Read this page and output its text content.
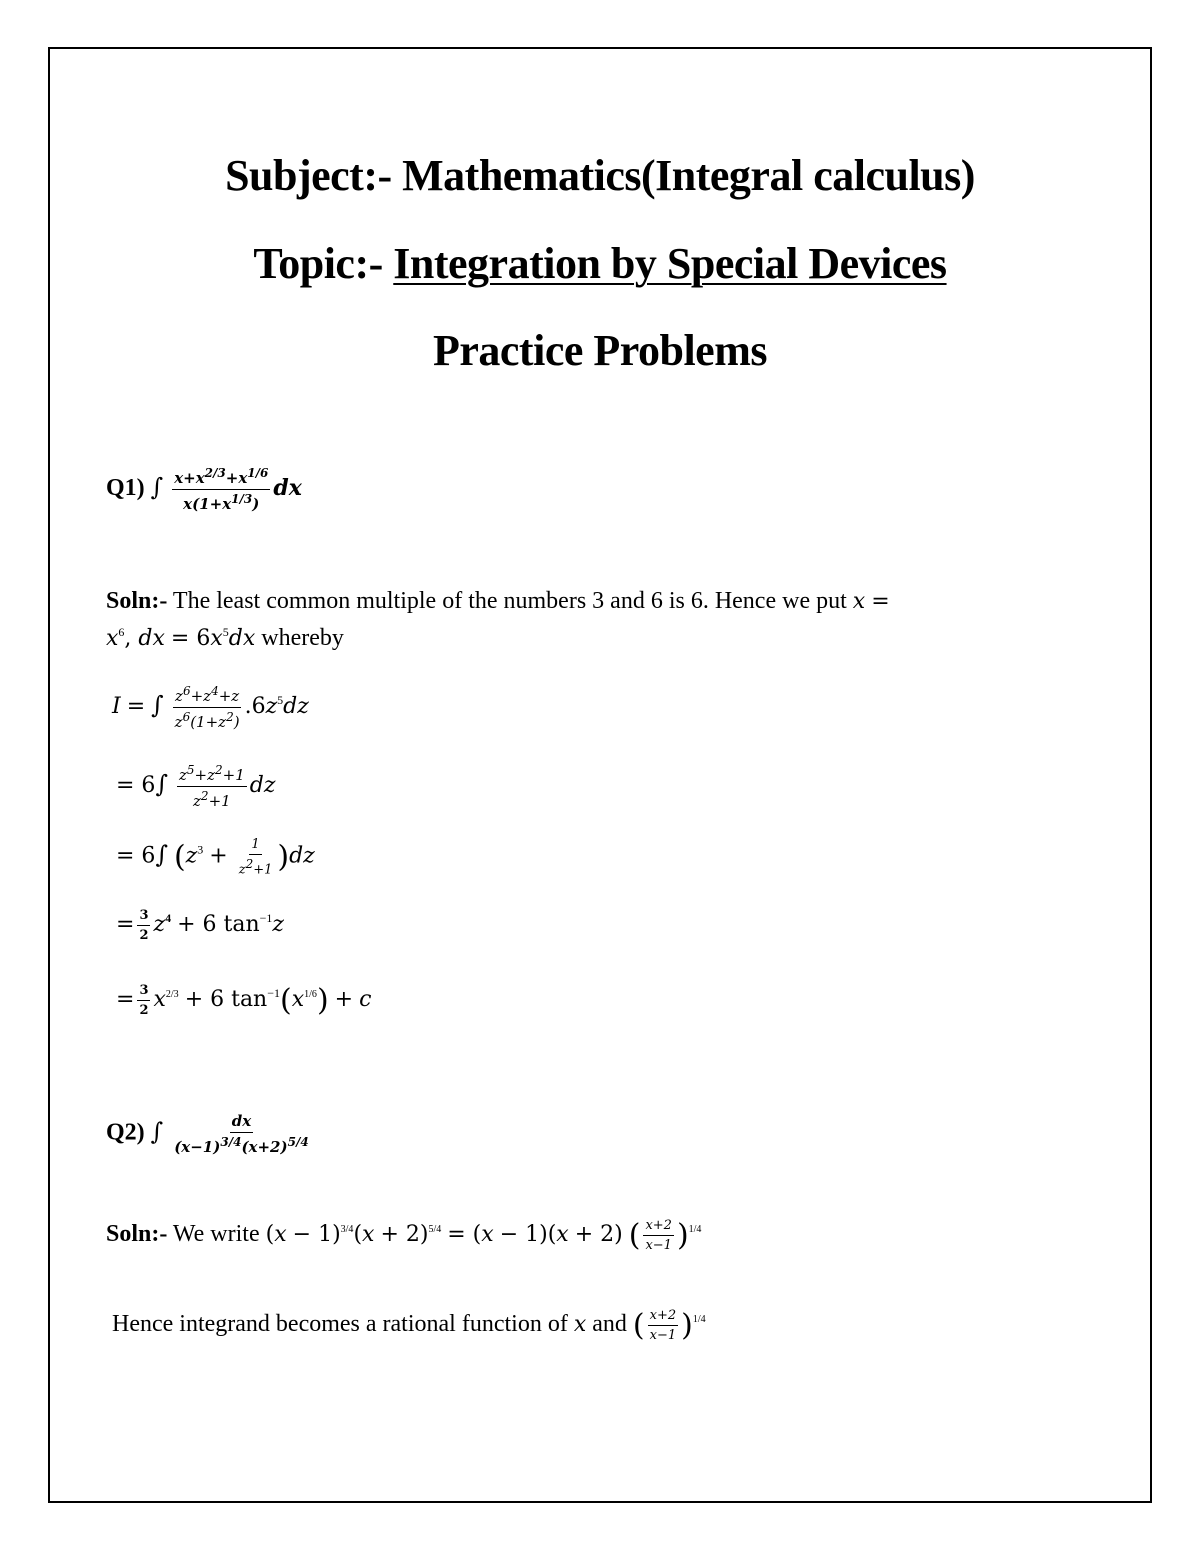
Subject:- Mathematics(Integral calculus)
Topic:- Integration by Special Devices
Practice Problems
Q1) ∫ $\frac{x+x^{2/3}+x^{1/6}}{x(1+x^{1/3})}$ dx
Soln:- The least common multiple of the numbers 3 and 6 is 6. Hence we put x =
$x^6$, dx = $6x^5dx$ whereby
I = ∫ $\frac{z^6+z^4+z}{z^6(1+z^2)} .6z^5dz$
= $6\int \frac{z^5+z^2+1}{z^2+1}$ dz
= 6∫ $(z^3 + \frac{1}{z^2+1} )dz$
= $\frac{3}{2} z^4 + 6$ $\tan^{-1}z$
= $\frac{3}{2} x^{2/3} + 6$ $\tan^{-1}(x^{1/6}) + c$
Q2) ∫ $\frac{dx}{(x-1)^{3/4}(x+2)^{5/4}}$
Soln:- We write $(x - 1)^{3/4}(x + 2)^{5/4} = (x - 1)(x + 2)$ ( $\frac{x+2}{x-1} )^{1/4}$
Hence integrand becomes a rational function of x and ( $\frac{x+2}{x-1} )^{1/4}$
